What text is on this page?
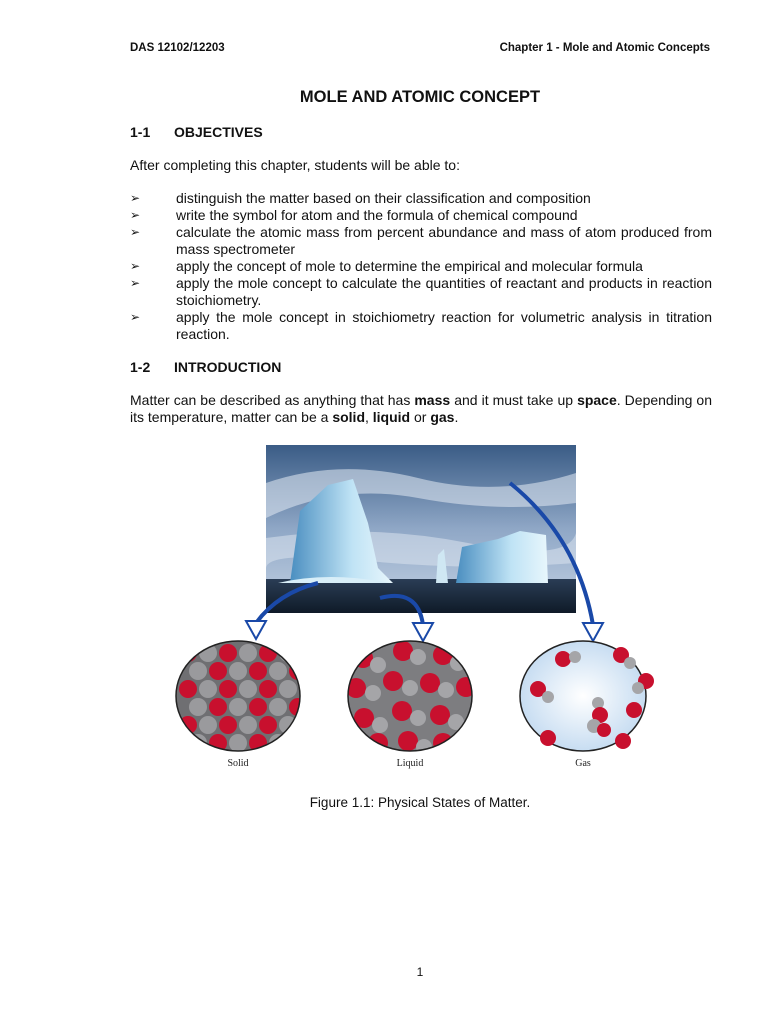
DAS 12102/12203	Chapter 1 - Mole and Atomic Concepts
MOLE AND ATOMIC CONCEPT
1-1 OBJECTIVES
After completing this chapter, students will be able to:
➢	distinguish the matter based on their classification and composition
➢	write the symbol for atom and the formula of chemical compound
➢	calculate the atomic mass from percent abundance and mass of atom produced from mass spectrometer
➢	apply the concept of mole to determine the empirical and molecular formula
➢	apply the mole concept to calculate the quantities of reactant and products in reaction stoichiometry.
➢	apply the mole concept in stoichiometry reaction for volumetric analysis in titration reaction.
1-2 INTRODUCTION
Matter can be described as anything that has mass and it must take up space. Depending on its temperature, matter can be a solid, liquid or gas.
Solid	Liquid	Gas
Figure 1.1: Physical States of Matter.
1
